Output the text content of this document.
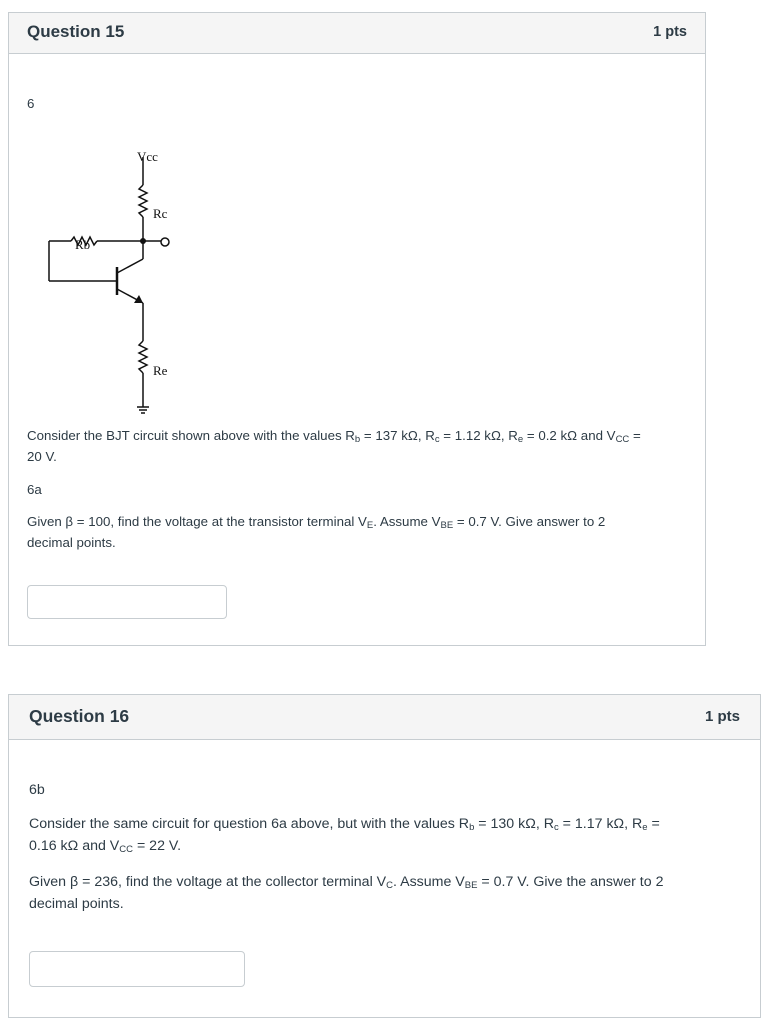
Question 15	1 pts
6
Vcc
Rc
Rb
Re
Consider the BJT circuit shown above with the values $R_b = 137$ kΩ, $R_c = 1.12$ kΩ, $R_e = 0.2$ kΩ and $V_{CC}$ =
20 V.
6a
Given β = 100, find the voltage at the transistor terminal $V_E$. Assume $V_{BE} = 0.7$ V. Give answer to 2
decimal points.
Question 16	1 pts
6b
Consider the same circuit for question 6a above, but with the values $R_b = 130$ kΩ, $R_c = 1.17$ kΩ, $R_e$ =
0.16 kΩ and $V_{CC} = 22$ V.
Given β = 236, find the voltage at the collector terminal $V_C$. Assume $V_{BE} = 0.7$ V. Give the answer to 2
decimal points.
